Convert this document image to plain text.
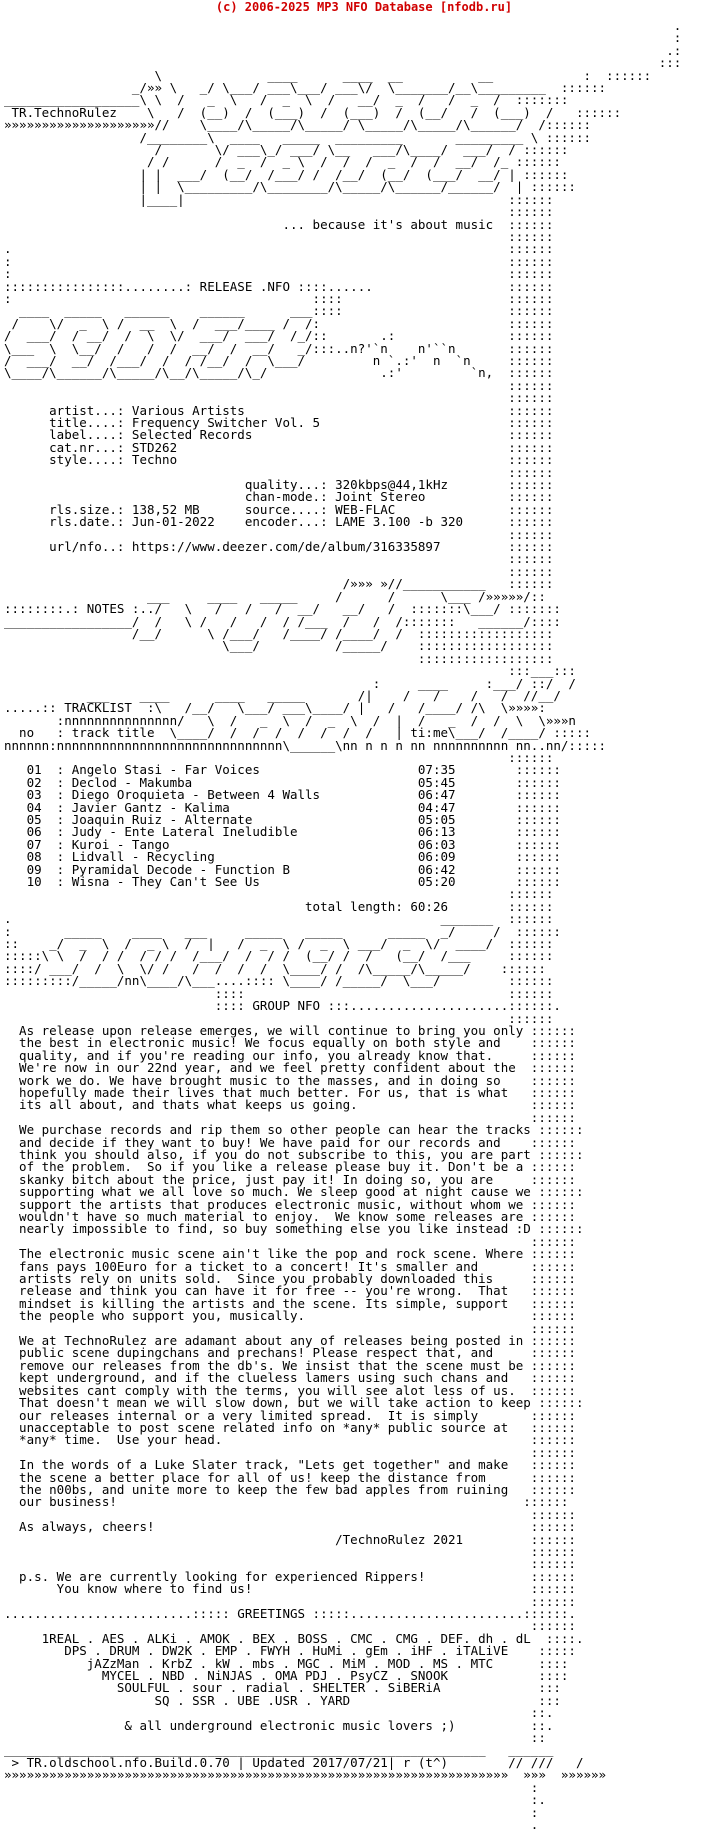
(c) 2006-2025 MP3 NFO Database [nfodb.ru]
.
:
.:
:::
\              ____      ____  __          __            :  ::::::
_/»» \   _/ \___/ ___\___/ ___\/  \_______/__\_________  ::::::
__________________\ \  /   _  \   /  _  \  /   __/  _  /   /  _  /  :::::::
TR.TechnoRulez    \   /  (__)  /  (___)  /  (___)  /  (__/   /  (___)  /   ::::::
»»»»»»»»»»»»»»»»»»»»//    \____/\_____/\_____/ \_____/\_____/\______/  /::::::
/________\  ____   _____  _________       _________ \ ::::::
/       \/ ___\_/ ___/ \__   ___/\____/  ___/  / ::::::
/ /      /  _  /  _ \  /  /  /  _  /  /  __/  /_ ::::::
| |  ___/  (__/  /___/ /  /__/  (__/  (___/  __/ | ::::::
| |  \_________/\________/\_____/\______/______/  | ::::::
|____|                                           ::::::
::::::
... because it's about music  ::::::
::::::
.                                                                  ::::::
:                                                                  ::::::
:                                                                  ::::::
::::::::::::::::........: RELEASE .NFO ::::......                  ::::::
:                                        ::::                      ::::::
____  _____   ______    ______      ___::::                      ::::::
/    \/  _  \ /  __  \  /  ___/____ /  /:                         ::::::
/  ___/  / __/  /  \  \/  ___/  ___/  /_/::       .:               ::::::
\___  \  \__/  /   /  /  __/  /  __/   _/:::..n?'`n    n'``n       ::::::
/  ___/  __/  /___/  /  / /__/  /  \___/         n `.:'  n  `n     ::::::
\____/\______/\_____/\__/\_____/\_/               .:'         `n,  ::::::
::::::
::::::
artist...: Various Artists                                   ::::::
title....: Frequency Switcher Vol. 5                         ::::::
label....: Selected Records                                  ::::::
cat.nr...: STD262                                            ::::::
style....: Techno                                            ::::::
::::::
quality...: 320kbps@44,1kHz        ::::::
chan-mode.: Joint Stereo           ::::::
rls.size.: 138,52 MB      source....: WEB-FLAC               ::::::
rls.date.: Jun-01-2022    encoder...: LAME 3.100 -b 320      ::::::
::::::
url/nfo..: https://www.deezer.com/de/album/316335897         ::::::
::::::
::::::
/»»» »//___________   ::::::
___     ____   _____     /      /      \___ /»»»»»/::
::::::::.: NOTES :../   \   /   /   /  __/   __/   /  :::::::\___/ :::::::
_________________/  /   \ /   /   /  / /___  /   /  /:::::::   ______/::::
/__/      \ /___/   /____/ /____/  /  ::::::::::::::::::
\___/          /_____/    ::::::::::::::::::
::::::::::::::::::
:::___:::
:     ____     :___/ ::/  /
___    ____      ____   _____       /|    /   /    /   /  //__/
.....:: TRACKLIST  :\   /__/   \___/ ___\____/ |   /   /____/ /\  \»»»»:
:nnnnnnnnnnnnnnn/   \  /   _  \  /  _  \  /  |  /   _  /  /  \  \»»»n
no   : track title  \____/  /  /  /  /  /  /  /   | ti:me\___/  /____/ :::::
nnnnnn:nnnnnnnnnnnnnnnnnnnnnnnnnnnnnn\______\nn n n n nn nnnnnnnnnn nn..nn/:::::
::::::
01  : Angelo Stasi - Far Voices                     07:35        ::::::
02  : Declod - Makumba                              05:45        ::::::
03  : Diego Oroquieta - Between 4 Walls             06:47        ::::::
04  : Javier Gantz - Kalima                         04:47        ::::::
05  : Joaquin Ruiz - Alternate                      05:05        ::::::
06  : Judy - Ente Lateral Ineludible                06:13        ::::::
07  : Kuroi - Tango                                 06:03        ::::::
08  : Lidvall - Recycling                           06:09        ::::::
09  : Pyramidal Decode - Function B                 06:42        ::::::
10  : Wisna - They Can't See Us                     05:20        ::::::
::::::
total length: 60:26        ::::::
.                                                         _______  ::::::
:       _____    ____   ___     _____   _____      _____  _/     /  ::::::
::    _/  _  \  /  _ \  /  |   /  _  \ /  _  \ ___/  _  \/  ____/  ::::::
:::::\ \  /  / /  / / /  /___/  /  / /  (__/ /  /   (__/  /___     ::::::
::::/ ___/  /  \  \/ /   /  /  /  /  \____/ /  /\_____/\_____/    ::::::
:::::::::/_____/nn\____/\___....:::: \____/ /_____/  \___/         ::::::
::::                                   ::::::
:::: GROUP NFO :::.....................::::::.
::::::
As release upon release emerges, we will continue to bring you only ::::::
the best in electronic music! We focus equally on both style and    ::::::
quality, and if you're reading our info, you already know that.     ::::::
We're now in our 22nd year, and we feel pretty confident about the  ::::::
work we do. We have brought music to the masses, and in doing so    ::::::
hopefully made their lives that much better. For us, that is what   ::::::
its all about, and thats what keeps us going.                       ::::::
::::::
We purchase records and rip them so other people can hear the tracks ::::::
and decide if they want to buy! We have paid for our records and    ::::::
think you should also, if you do not subscribe to this, you are part ::::::
of the problem.  So if you like a release please buy it. Don't be a ::::::
skanky bitch about the price, just pay it! In doing so, you are     ::::::
supporting what we all love so much. We sleep good at night cause we ::::::
support the artists that produces electronic music, without whom we ::::::
wouldn't have so much material to enjoy.  We know some releases are ::::::
nearly impossible to find, so buy something else you like instead :D ::::::
::::::
The electronic music scene ain't like the pop and rock scene. Where ::::::
fans pays 100Euro for a ticket to a concert! It's smaller and       ::::::
artists rely on units sold.  Since you probably downloaded this     ::::::
release and think you can have it for free -- you're wrong.  That   ::::::
mindset is killing the artists and the scene. Its simple, support   ::::::
the people who support you, musically.                              ::::::
::::::
We at TechnoRulez are adamant about any of releases being posted in ::::::
public scene dupingchans and prechans! Please respect that, and     ::::::
remove our releases from the db's. We insist that the scene must be ::::::
kept underground, and if the clueless lamers using such chans and   ::::::
websites cant comply with the terms, you will see alot less of us.  ::::::
That doesn't mean we will slow down, but we will take action to keep ::::::
our releases internal or a very limited spread.  It is simply       ::::::
unacceptable to post scene related info on *any* public source at   ::::::
*any* time.  Use your head.                                         ::::::
::::::
In the words of a Luke Slater track, "Lets get together" and make   ::::::
the scene a better place for all of us! keep the distance from      ::::::
the n00bs, and unite more to keep the few bad apples from ruining   ::::::
our business!                                                      ::::::
::::::
As always, cheers!                                                  ::::::
/TechnoRulez 2021         ::::::
::::::
::::::
p.s. We are currently looking for experienced Rippers!              ::::::
You know where to find us!                                     ::::::
::::::
.........................::::: GREETINGS :::::.......................::::::.
::::::
1REAL . AES . ALKi . AMOK . BEX . BOSS . CMC . CMG . DEF. dh . dL  ::::.
DPS . DRUM . DW2K . EMP . FWYH . HuMi . gEm . iHF . iTALiVE    :::::
jAZzMan . KrbZ . kW . mbs . MGC . MiM . MOD . MS . MTC      ::::
MYCEL . NBD . NiNJAS . OMA PDJ . PsyCZ . SNOOK            ::::
SOULFUL . sour . radial . SHELTER . SiBERiA             :::
SQ . SSR . UBE .USR . YARD                         :::
::.
& all underground electronic music lovers ;)          ::.
::
________________________________________________________________   ______
> TR.oldschool.nfo.Build.0.70 | Updated 2017/07/21| r (t^)        // ///   /
»»»»»»»»»»»»»»»»»»»»»»»»»»»»»»»»»»»»»»»»»»»»»»»»»»»»»»»»»»»»»»»»»»»  »»»  »»»»»»
:
:.
:
.
